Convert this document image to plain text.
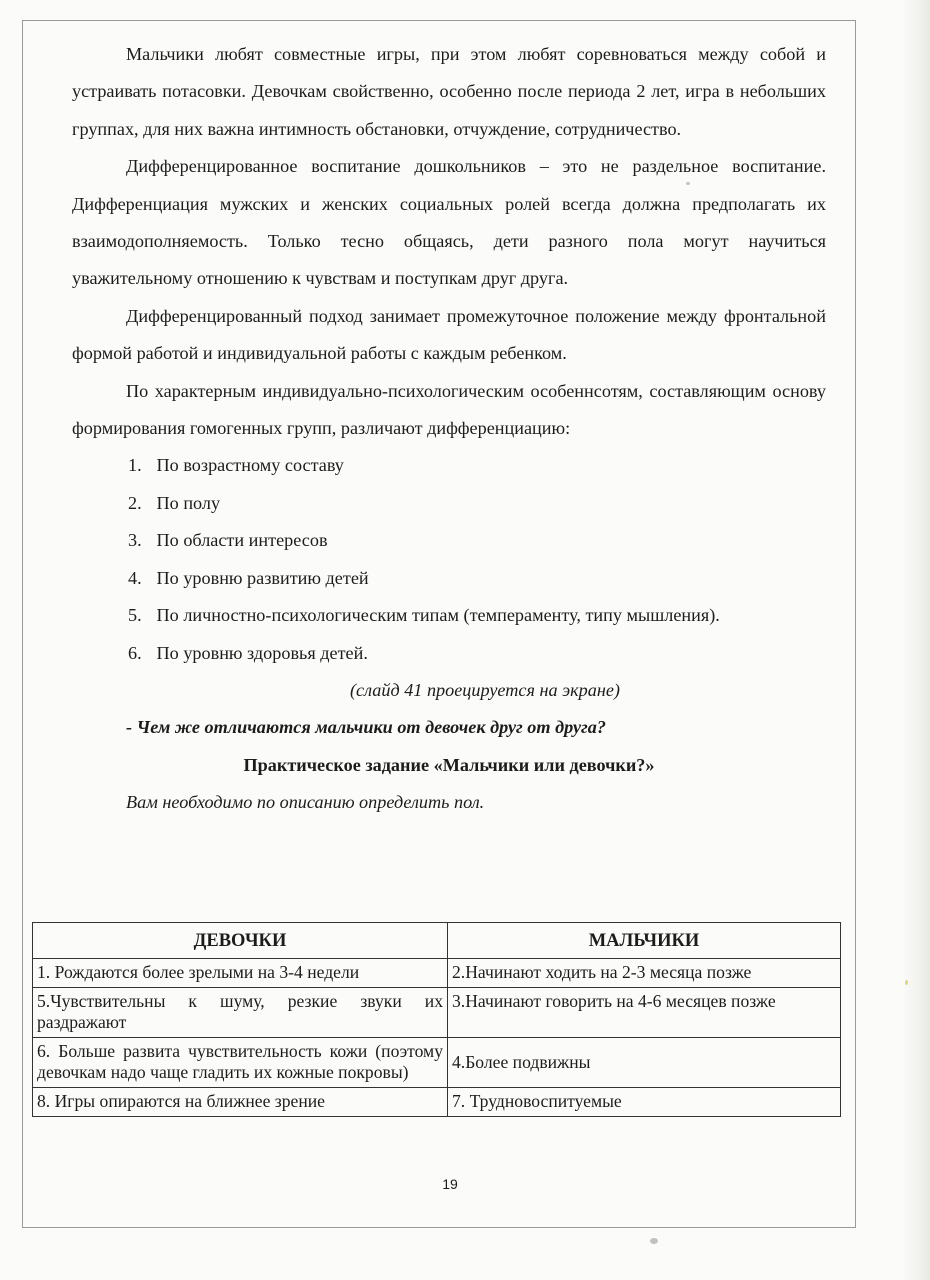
Мальчики любят совместные игры, при этом любят соревноваться между собой и устраивать потасовки. Девочкам свойственно, особенно после периода 2 лет, игра в небольших группах, для них важна интимность обстановки, отчуждение, сотрудничество.

Дифференцированное воспитание дошкольников – это не раздельное воспитание. Дифференциация мужских и женских социальных ролей всегда должна предполагать их взаимодополняемость. Только тесно общаясь, дети разного пола могут научиться уважительному отношению к чувствам и поступкам друг друга.

Дифференцированный подход занимает промежуточное положение между фронтальной формой работой и индивидуальной работы с каждым ребенком.

По характерным индивидуально-психологическим особеннсотям, составляющим основу формирования гомогенных групп, различают дифференциацию:

1. По возрастному составу
2. По полу
3. По области интересов
4. По уровню развитию детей
5. По личностно-психологическим типам (темпераменту, типу мышления).
6. По уровню здоровья детей.

(слайд 41 проецируется на экране)

- Чем же отличаются мальчики от девочек друг от друга?

Практическое задание «Мальчики или девочки?»

Вам необходимо по описанию определить пол.

ДЕВОЧКИ	МАЛЬЧИКИ
1. Рождаются более зрелыми на 3-4 недели	2.Начинают ходить на 2-3 месяца позже
5.Чувствительны к шуму, резкие звуки их раздражают	3.Начинают говорить на 4-6 месяцев позже
6. Больше развита чувствительность кожи (поэтому девочкам надо чаще гладить их кожные покровы)	4.Более подвижны
8. Игры опираются на ближнее зрение	7. Трудновоспитуемые
19
